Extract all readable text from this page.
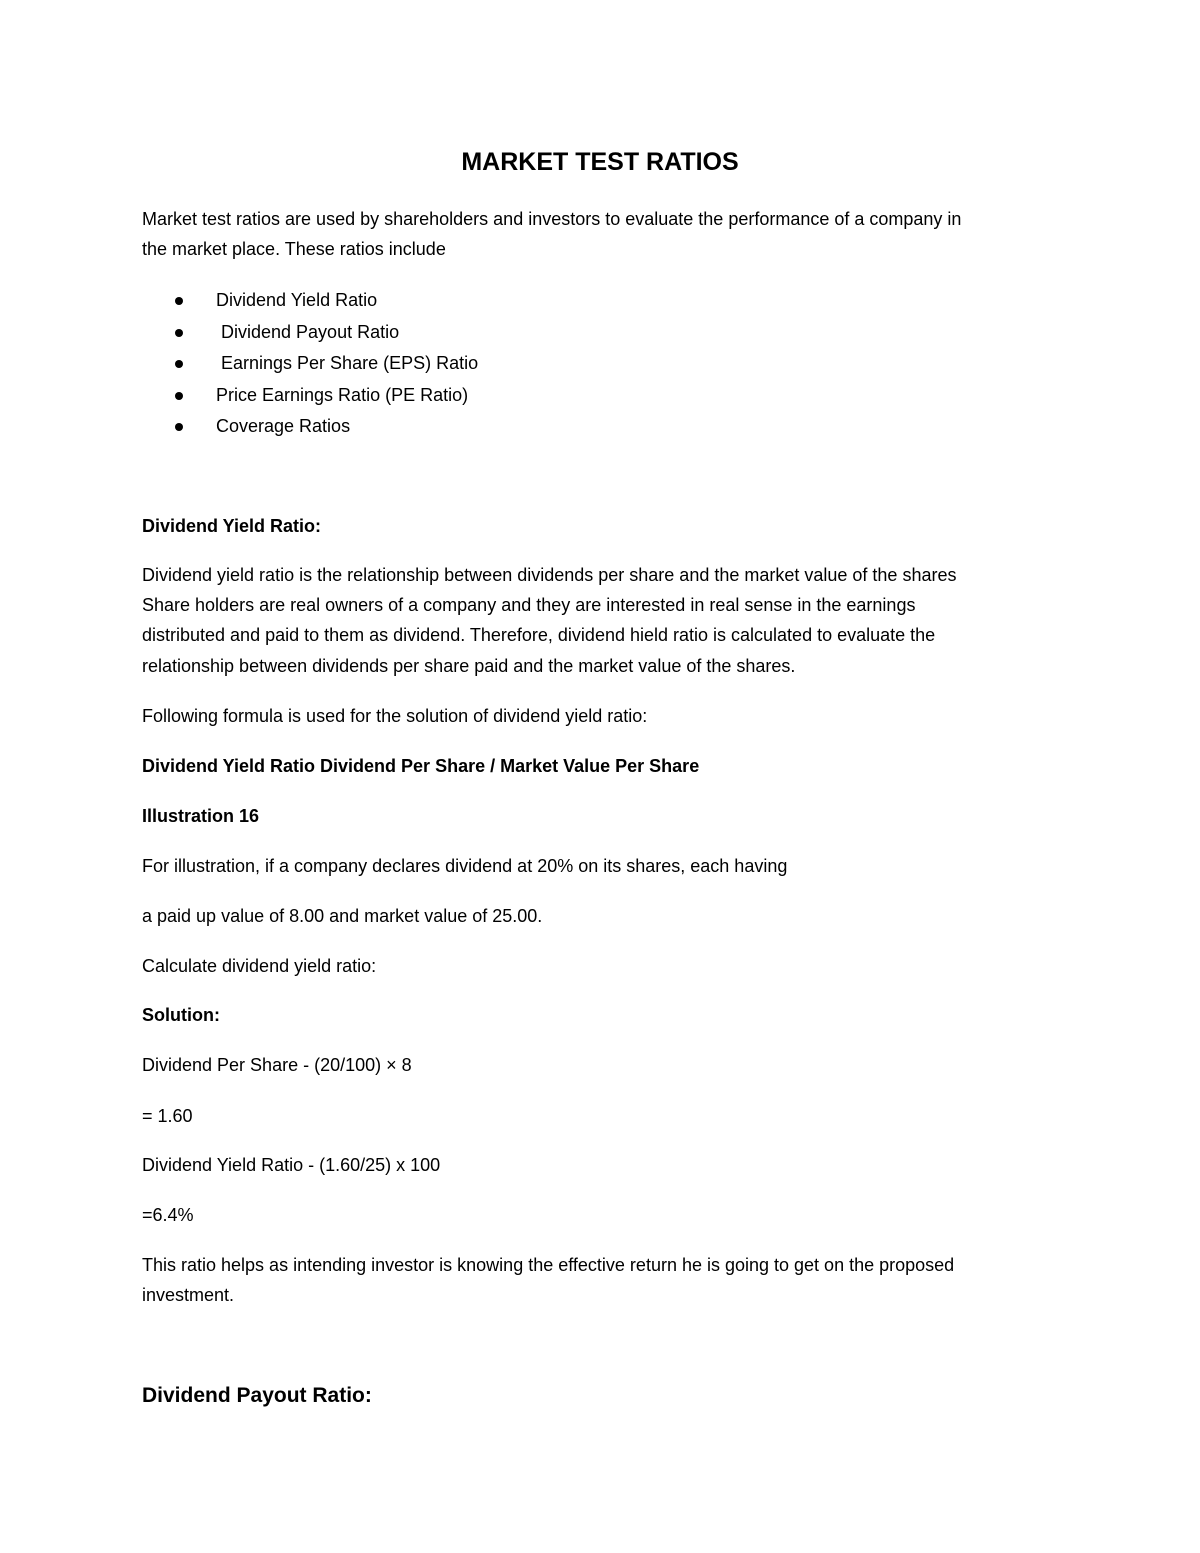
MARKET TEST RATIOS

Market test ratios are used by shareholders and investors to evaluate the performance of a company in

the market place. These ratios include

Dividend Yield Ratio
Dividend Payout Ratio
Earnings Per Share (EPS) Ratio
Price Earnings Ratio (PE Ratio)
Coverage Ratios

Dividend Yield Ratio:

Dividend yield ratio is the relationship between dividends per share and the market value of the shares

Share holders are real owners of a company and they are interested in real sense in the earnings

distributed and paid to them as dividend. Therefore, dividend hield ratio is calculated to evaluate the

relationship between dividends per share paid and the market value of the shares.

Following formula is used for the solution of dividend yield ratio:

Dividend Yield Ratio Dividend Per Share / Market Value Per Share

Illustration 16

For illustration, if a company declares dividend at 20% on its shares, each having

a paid up value of 8.00 and market value of 25.00.

Calculate dividend yield ratio:

Solution:

Dividend Per Share - (20/100) × 8

= 1.60

Dividend Yield Ratio - (1.60/25) x 100

=6.4%

This ratio helps as intending investor is knowing the effective return he is going to get on the proposed

investment.

Dividend Payout Ratio:
